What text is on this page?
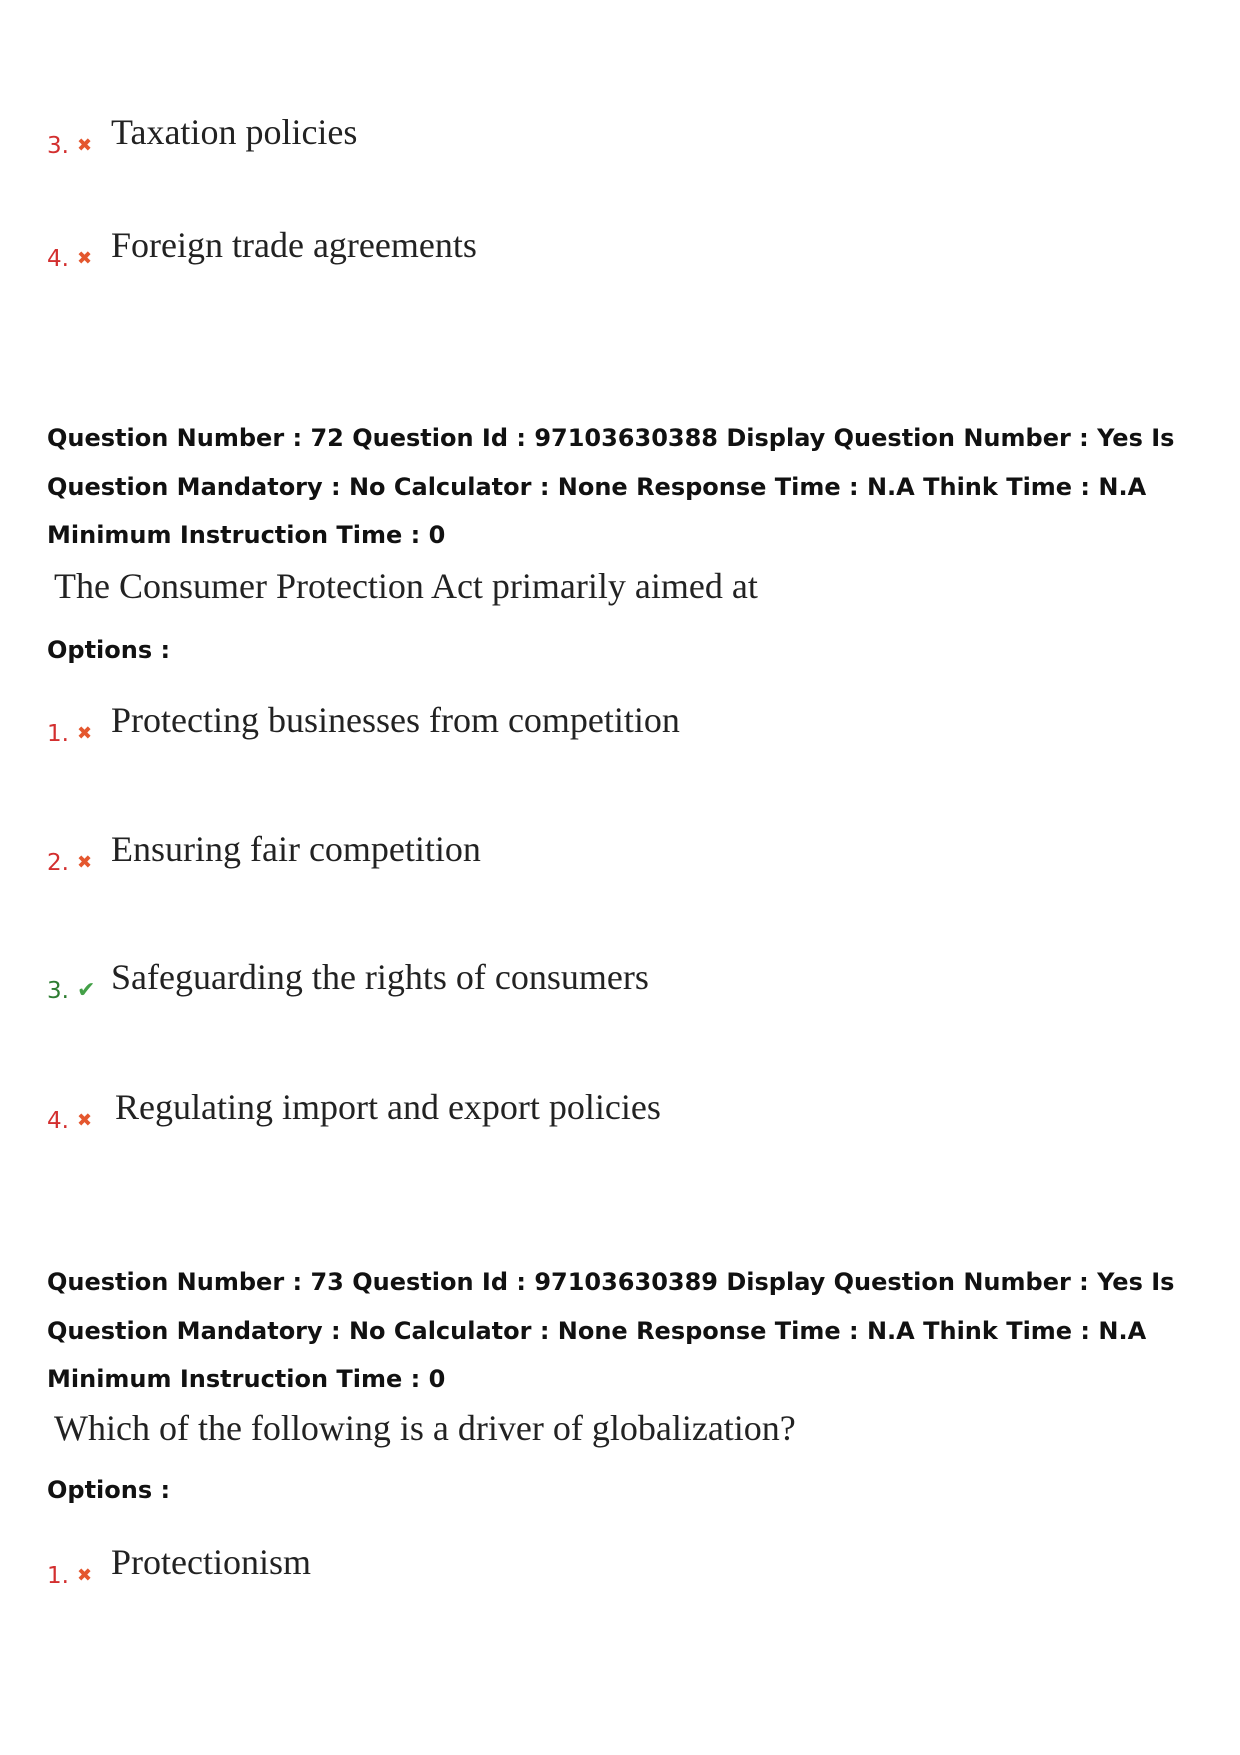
3. ✖ Taxation policies
4. ✖ Foreign trade agreements
Question Number : 72 Question Id : 97103630388 Display Question Number : Yes Is Question Mandatory : No Calculator : None Response Time : N.A Think Time : N.A Minimum Instruction Time : 0
The Consumer Protection Act primarily aimed at
Options :
1. ✖ Protecting businesses from competition
2. ✖ Ensuring fair competition
3. ✔ Safeguarding the rights of consumers
4. ✖ Regulating import and export policies
Question Number : 73 Question Id : 97103630389 Display Question Number : Yes Is Question Mandatory : No Calculator : None Response Time : N.A Think Time : N.A Minimum Instruction Time : 0
Which of the following is a driver of globalization?
Options :
1. ✖ Protectionism
